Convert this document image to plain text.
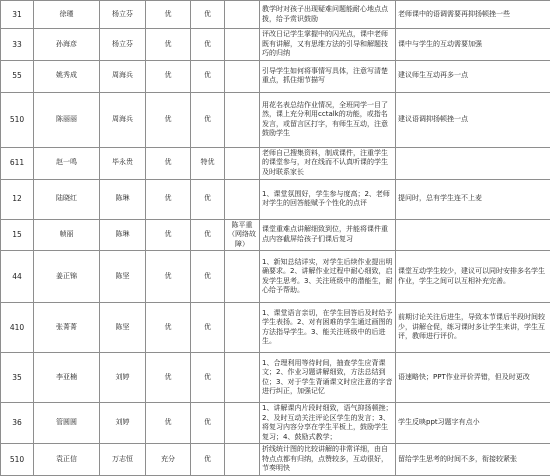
31	徐瑾	杨立芬	优	优		教学时对孩子出现疑难问题能耐心地点点拨，给予赏识鼓励	老师课中的语调需要再抑扬顿挫一些
33	孙海彦	杨立芬	优	优		评改日记学生掌握中的闪光点，课中老师既有讲解，又有思维方法的引导和解题技巧的归纳	课中与学生的互动需要加强
55	姚秀成	周海兵	优	优		引导学生如何将事情写具体，注意写清楚重点，抓住细节描写	建议师生互动再多一点
510	陈丽丽	周海兵	优	优		用花名表总结作业情况，全班同学一目了然，课上充分利用cctalk的功能，或指名发言，或留言区打字，有师生互动，注意鼓励学生	建议语调抑扬顿挫一点
611	赵一鸣	毕永贵	优	特优		老师自己搜集资料，制成课件，注重学生的课堂参与，对在线而不认真听课的学生及时联系家长	
12	陆晓红	陈琳	优	优		1、课堂氛围好，学生参与度高；2、老师对学生的回答能赋予个性化的点评	提问时，总有学生连不上麦
15	帧丽	陈琳	优	优	陈平重（网络故障）	课堂重难点讲解细致到位，并能将课件重点内容截屏给孩子们课后复习	
44	姜正锦	陈坚	优	优		1、新知总结详实，对学生后续作业提出明确要求。2、讲解作业过程中耐心细致，启发学生思考。3、关注班级中的潜能生，耐心给予帮助。	课堂互动学生较少，建议可以同时安排多名学生作业，学生之间可以互相补充完善。
410	张菁菁	陈坚	优	优		1、课堂语言亲切，在学生回答后及时给予学生表扬。2、对有困难的学生通过画图的方法指导学生。3、能关注班级中的后进生。	前期讨论关注后进生，导致本节课后半段时间较少，讲解仓促，练习课时多让学生来讲，学生互评，教师进行评价。
35	李亚楠	刘婷	优	优		1、合理利用等待时间，抽查学生应背课文；2、作业习题讲解细致，方法总结到位；3、对于学生背诵课文时应注意的字音进行纠正，加强记忆	语速略快；PPT作业评价弄错，但及时更改
36	管圆圆	刘婷	优	优		1、讲解课内片段时细致，语气抑扬顿挫；2、及时互动关注评论区学生的发言；3、将复习内容分享在学生平板上，鼓励学生复习；4、鼓励式教学；	学生反映ppt习题字有点小
510	袁正信	万志恒	充分	优		折线统计图的比较讲解的非常详细，由自特点点都有归纳，点赞较多，互动很好，节奏明快	留给学生思考的时间不多，衔接较紧张
